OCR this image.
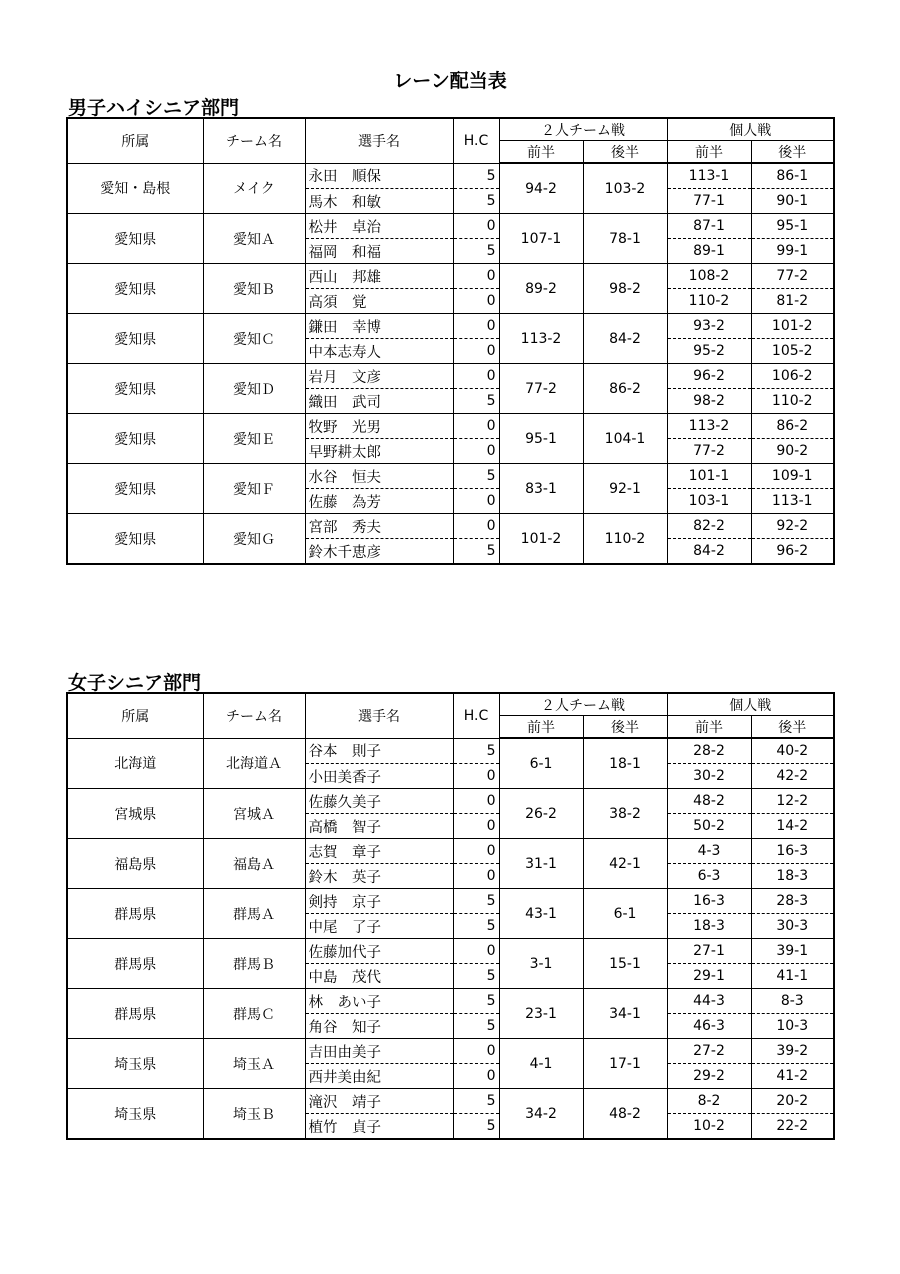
レーン配当表
男子ハイシニア部門
所属	チーム名	選手名	H.C	２人チーム戦		個人戦	
				前半	後半	前半	後半
愛知・島根	メイク	永田　順保	5	94-2	103-2	113-1	86-1
		馬木　和敏	5			77-1	90-1
愛知県	愛知Ａ	松井　卓治	0	107-1	78-1	87-1	95-1
		福岡　和福	5			89-1	99-1
愛知県	愛知Ｂ	西山　邦雄	0	89-2	98-2	108-2	77-2
		高須　覚	0			110-2	81-2
愛知県	愛知Ｃ	鎌田　幸博	0	113-2	84-2	93-2	101-2
		中本志寿人	0			95-2	105-2
愛知県	愛知Ｄ	岩月　文彦	0	77-2	86-2	96-2	106-2
		織田　武司	5			98-2	110-2
愛知県	愛知Ｅ	牧野　光男	0	95-1	104-1	113-2	86-2
		早野耕太郎	0			77-2	90-2
愛知県	愛知Ｆ	水谷　恒夫	5	83-1	92-1	101-1	109-1
		佐藤　為芳	0			103-1	113-1
愛知県	愛知Ｇ	宮部　秀夫	0	101-2	110-2	82-2	92-2
		鈴木千恵彦	5			84-2	96-2
女子シニア部門
所属	チーム名	選手名	H.C	２人チーム戦		個人戦	
				前半	後半	前半	後半
北海道	北海道Ａ	谷本　則子	5	6-1	18-1	28-2	40-2
		小田美香子	0			30-2	42-2
宮城県	宮城Ａ	佐藤久美子	0	26-2	38-2	48-2	12-2
		高橋　智子	0			50-2	14-2
福島県	福島Ａ	志賀　章子	0	31-1	42-1	4-3	16-3
		鈴木　英子	0			6-3	18-3
群馬県	群馬Ａ	剣持　京子	5	43-1	6-1	16-3	28-3
		中尾　了子	5			18-3	30-3
群馬県	群馬Ｂ	佐藤加代子	0	3-1	15-1	27-1	39-1
		中島　茂代	5			29-1	41-1
群馬県	群馬Ｃ	林　あい子	5	23-1	34-1	44-3	8-3
		角谷　知子	5			46-3	10-3
埼玉県	埼玉Ａ	吉田由美子	0	4-1	17-1	27-2	39-2
		西井美由紀	0			29-2	41-2
埼玉県	埼玉Ｂ	滝沢　靖子	5	34-2	48-2	8-2	20-2
		植竹　貞子	5			10-2	22-2
